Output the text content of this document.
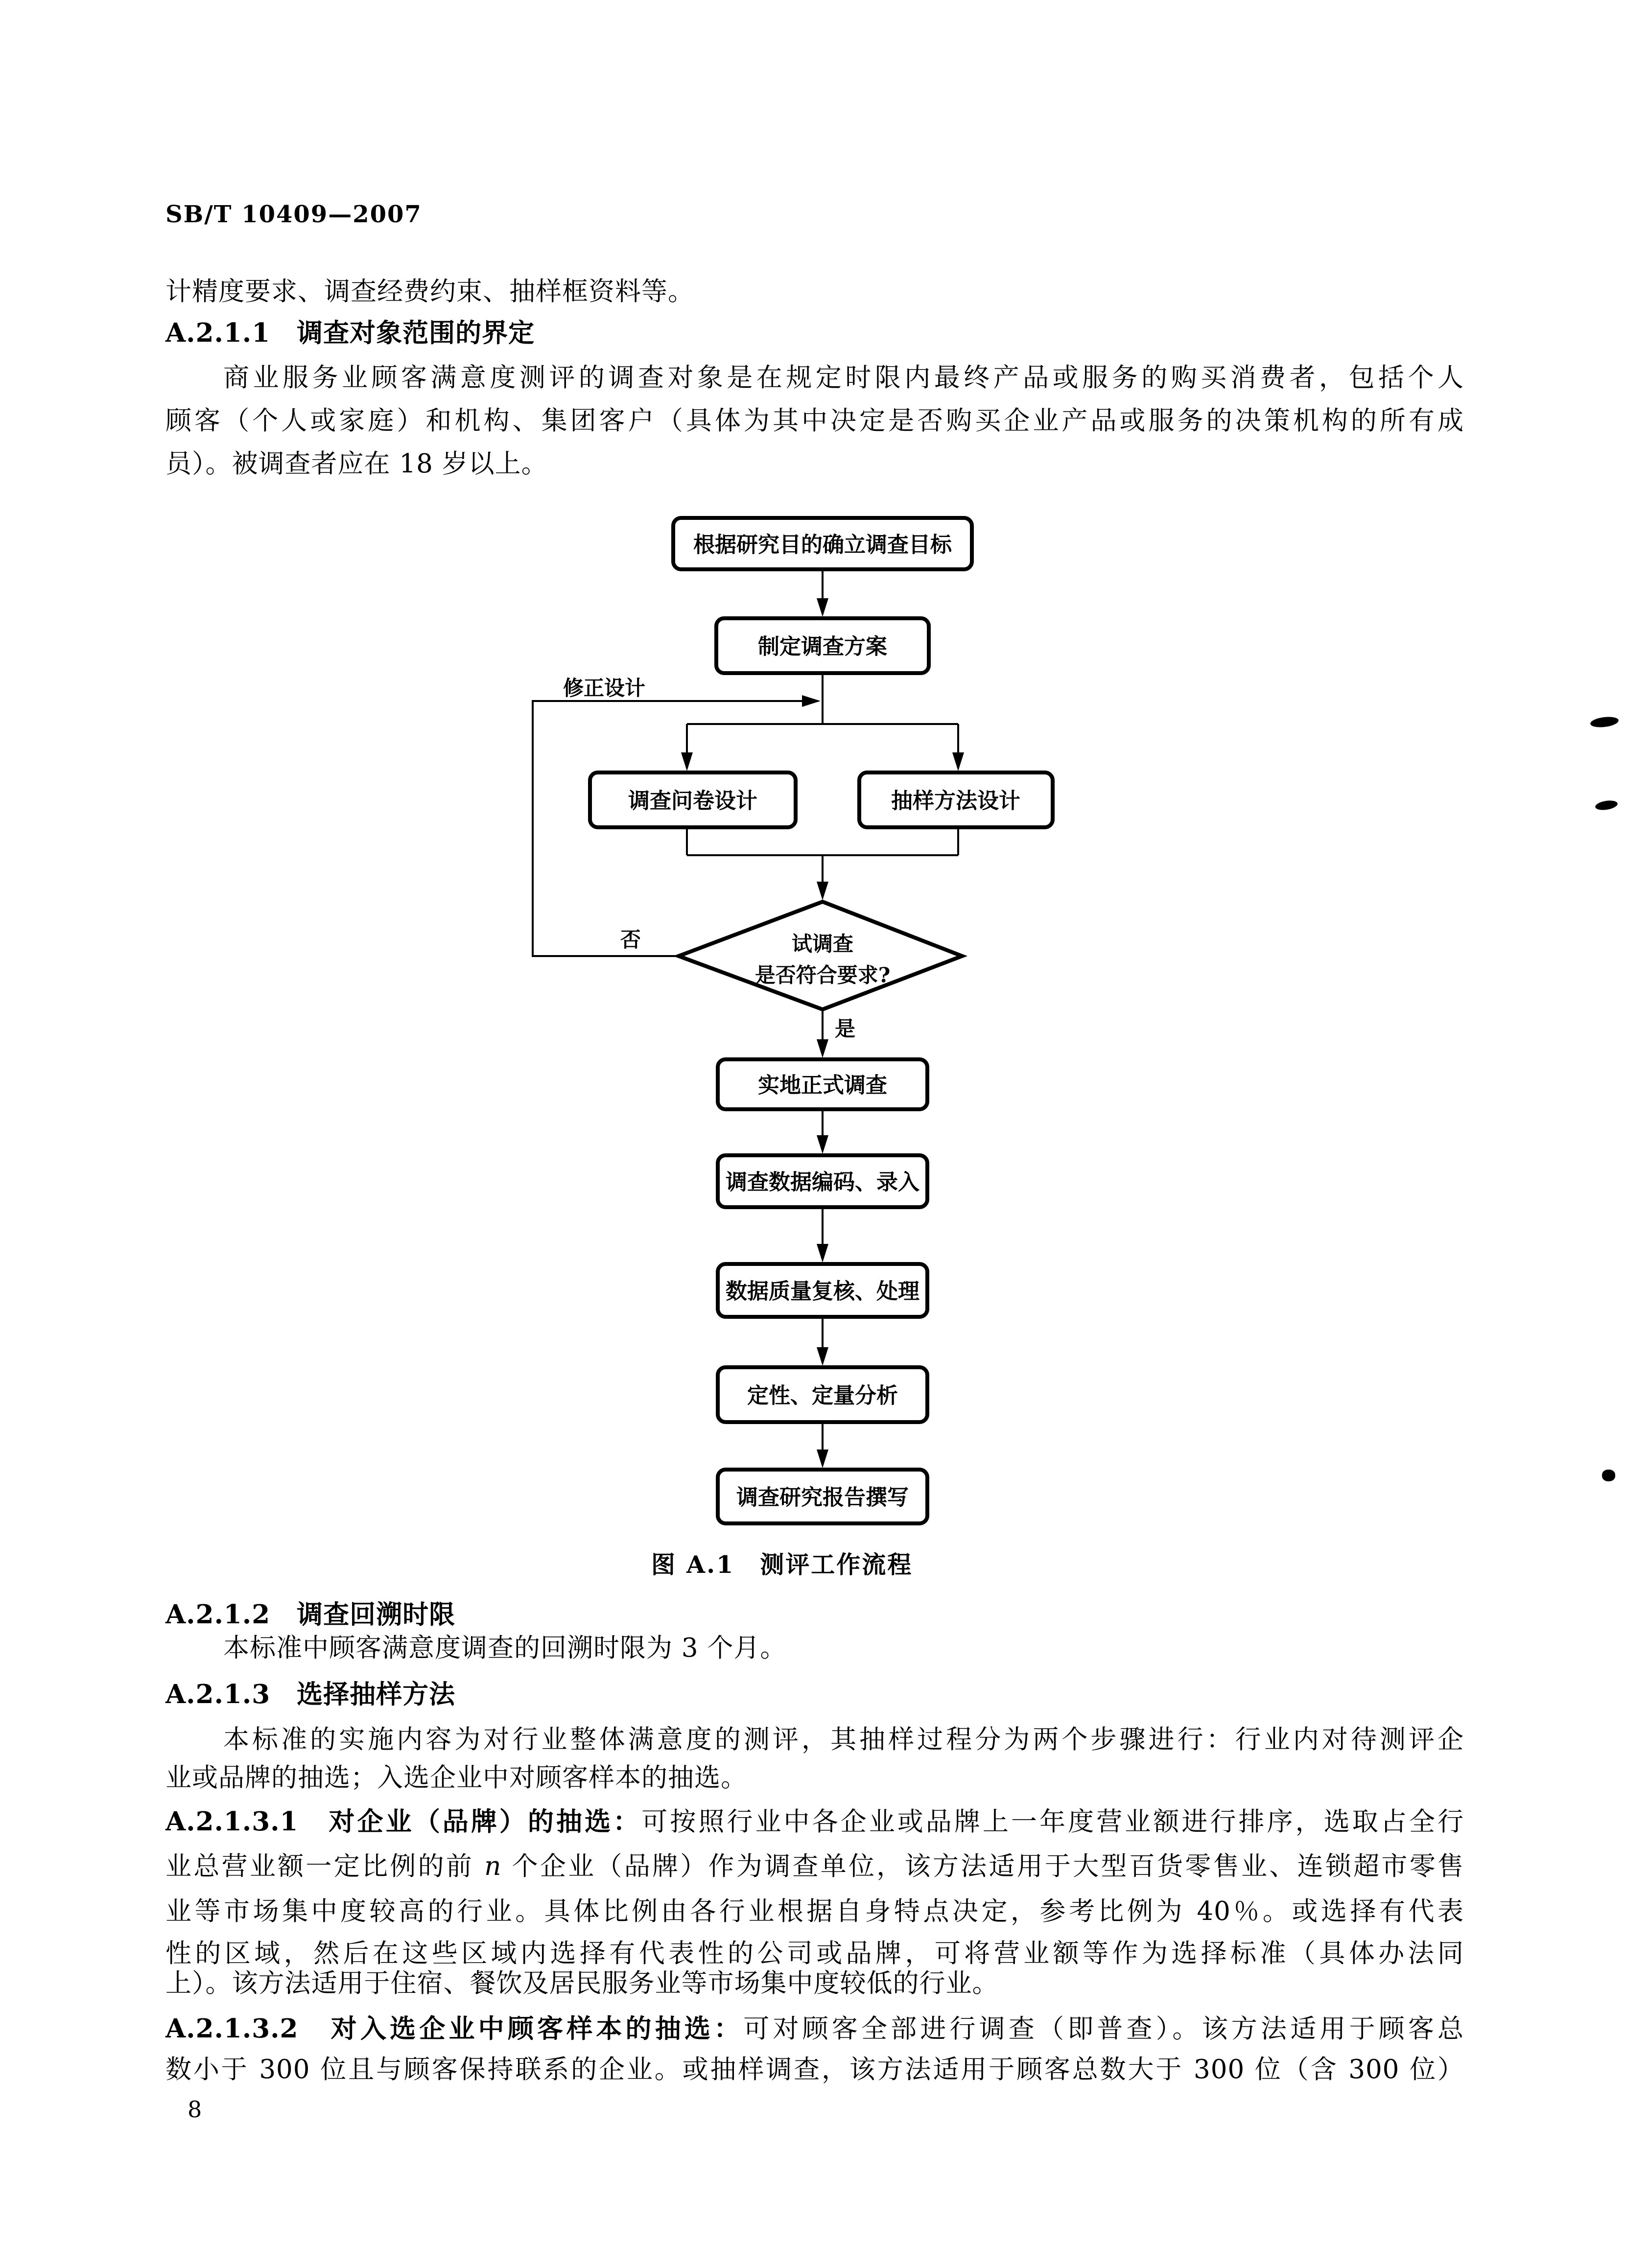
SB/T 10409—2007
计精度要求、调查经费约束、抽样框资料等。
A.2.1.1　调查对象范围的界定
商业服务业顾客满意度测评的调查对象是在规定时限内最终产品或服务的购买消费者，包括个人
顾客（个人或家庭）和机构、集团客户（具体为其中决定是否购买企业产品或服务的决策机构的所有成
员）。被调查者应在 18 岁以上。
根据研究目的确立调查目标
制定调查方案
调查问卷设计	抽样方法设计
试调查
是否符合要求?
实地正式调查
调查数据编码、录入
数据质量复核、处理
定性、定量分析
调查研究报告撰写
修正设计
否
是
图 A.1　测评工作流程
A.2.1.2　调查回溯时限
本标准中顾客满意度调查的回溯时限为 3 个月。
A.2.1.3　选择抽样方法
本标准的实施内容为对行业整体满意度的测评，其抽样过程分为两个步骤进行：行业内对待测评企
业或品牌的抽选；入选企业中对顾客样本的抽选。
A.2.1.3.1　对企业（品牌）的抽选：可按照行业中各企业或品牌上一年度营业额进行排序，选取占全行
业总营业额一定比例的前 n 个企业（品牌）作为调查单位，该方法适用于大型百货零售业、连锁超市零售
业等市场集中度较高的行业。具体比例由各行业根据自身特点决定，参考比例为 40％。或选择有代表
性的区域，然后在这些区域内选择有代表性的公司或品牌，可将营业额等作为选择标准（具体办法同
上）。该方法适用于住宿、餐饮及居民服务业等市场集中度较低的行业。
A.2.1.3.2　对入选企业中顾客样本的抽选：可对顾客全部进行调查（即普查）。该方法适用于顾客总
数小于 300 位且与顾客保持联系的企业。或抽样调查，该方法适用于顾客总数大于 300 位（含 300 位）
8
